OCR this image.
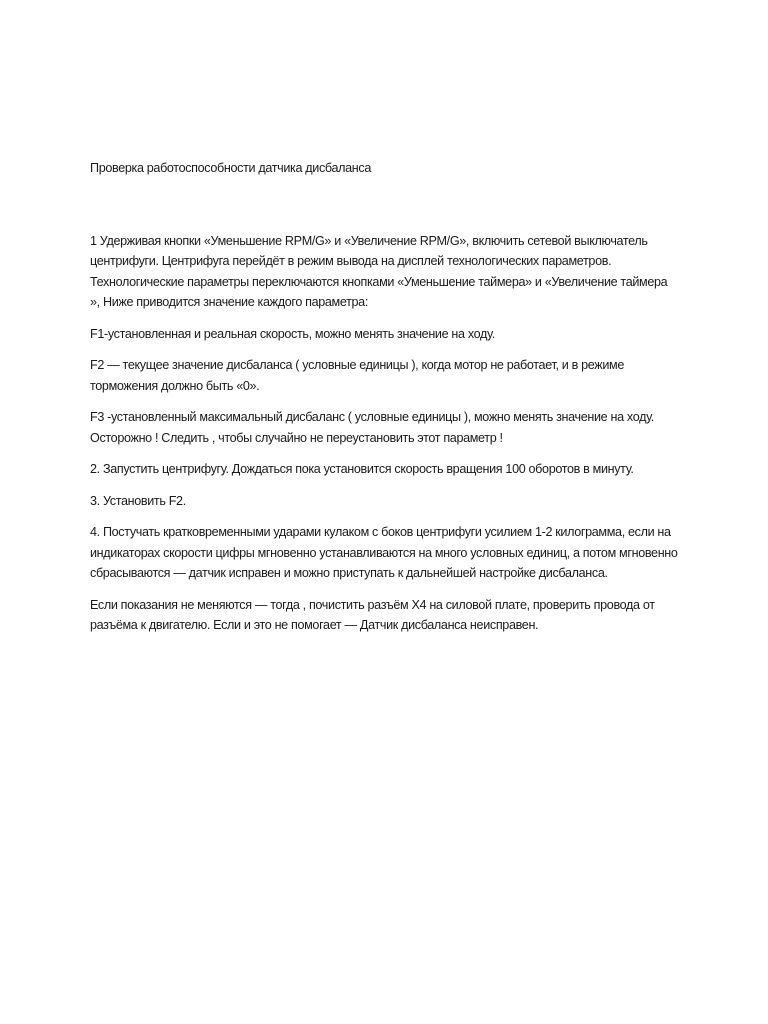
Проверка работоспособности датчика дисбаланса

1 Удерживая кнопки «Уменьшение RPM/G» и «Увеличение RPM/G», включить сетевой выключатель центрифуги. Центрифуга перейдёт в режим вывода на дисплей технологических параметров. Технологические параметры переключаются кнопками «Уменьшение таймера» и «Увеличение таймера », Ниже приводится значение каждого параметра:

F1-установленная и реальная скорость, можно менять значение на ходу.

F2 — текущее значение дисбаланса ( условные единицы ), когда мотор не работает, и в режиме торможения должно быть «0».

F3 -установленный максимальный дисбаланс ( условные единицы ), можно менять значение на ходу. Осторожно ! Следить , чтобы случайно не переустановить этот параметр !

2. Запустить центрифугу. Дождаться пока установится скорость вращения 100 оборотов в минуту.

3. Установить F2.

4. Постучать кратковременными ударами кулаком с боков центрифуги усилием 1-2 килограмма, если на индикаторах скорости цифры мгновенно устанавливаются на много условных единиц, а потом мгновенно сбрасываются — датчик исправен и можно приступать к дальнейшей настройке дисбаланса.

Если показания не меняются — тогда , почистить разъём Х4 на силовой плате, проверить провода от разъёма к двигателю. Если и это не помогает — Датчик дисбаланса неисправен.
